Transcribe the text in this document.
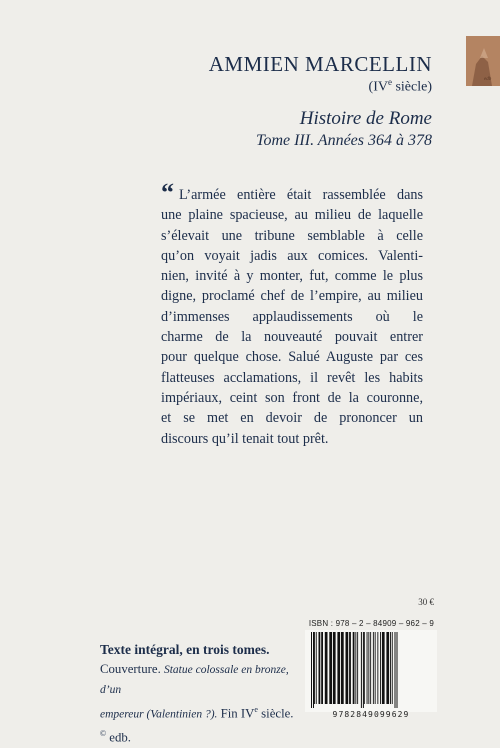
edb
AMMIEN MARCELLIN
(IVe siècle)
Histoire de Rome
Tome III. Années 364 à 378
“ L’armée entière était rassemblée dans
une plaine spacieuse, au milieu de laquelle
s’élevait une tribune semblable à celle
qu’on voyait jadis aux comices. Valenti-
nien, invité à y monter, fut, comme le plus
digne, proclamé chef de l’empire, au milieu
d’immenses applaudissements où le
charme de la nouveauté pouvait entrer
pour quelque chose. Salué Auguste par ces
flatteuses acclamations, il revêt les habits
impériaux, ceint son front de la couronne,
et se met en devoir de prononcer un
discours qu’il tenait tout prêt.
30 €
ISBN : 978 – 2 – 84909 – 962 – 9
9782849099629
Texte intégral, en trois tomes.
Couverture. Statue colossale en bronze, d’un
empereur (Valentinien ?). Fin IVe siècle. © edb.
